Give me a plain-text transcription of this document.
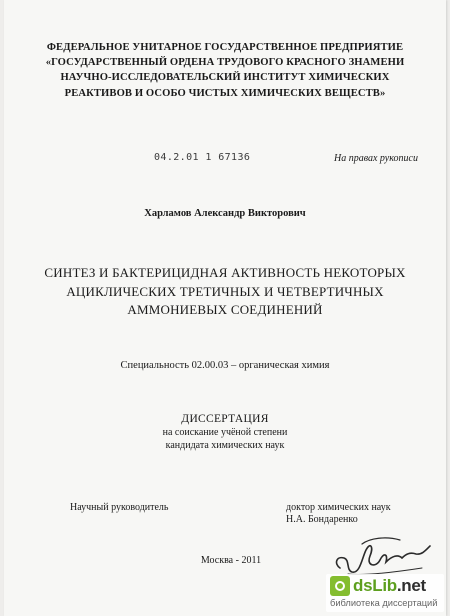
ФЕДЕРАЛЬНОЕ УНИТАРНОЕ ГОСУДАРСТВЕННОЕ ПРЕДПРИЯТИЕ
«ГОСУДАРСТВЕННЫЙ ОРДЕНА ТРУДОВОГО КРАСНОГО ЗНАМЕНИ
НАУЧНО-ИССЛЕДОВАТЕЛЬСКИЙ ИНСТИТУТ ХИМИЧЕСКИХ
РЕАКТИВОВ И ОСОБО ЧИСТЫХ ХИМИЧЕСКИХ ВЕЩЕСТВ»
04.2.01 1 67136	На правах рукописи
Харламов Александр Викторович
СИНТЕЗ И БАКТЕРИЦИДНАЯ АКТИВНОСТЬ НЕКОТОРЫХ
АЦИКЛИЧЕСКИХ ТРЕТИЧНЫХ И ЧЕТВЕРТИЧНЫХ
АММОНИЕВЫХ СОЕДИНЕНИЙ
Специальность 02.00.03 – органическая химия
ДИССЕРТАЦИЯ
на соискание учёной степени
кандидата химических наук
Научный руководитель	доктор химических наук
Н.А. Бондаренко
Москва - 2011
dsLib.net
библиотека диссертаций
